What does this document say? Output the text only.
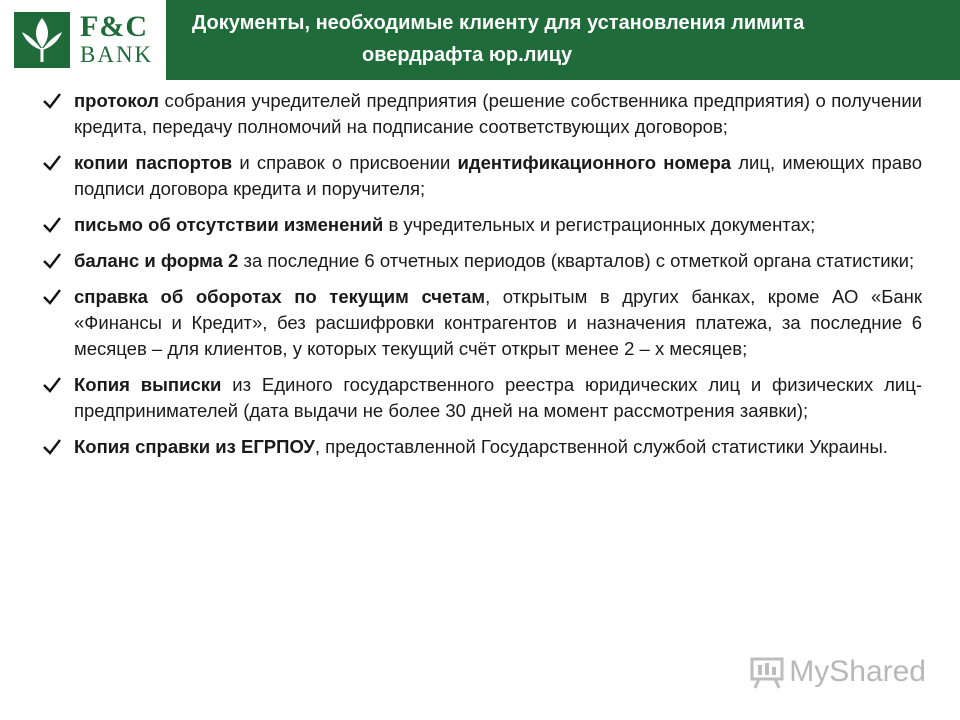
F&C
BANK
Документы, необходимые клиенту для установления лимита
овердрафта юр.лицу
протокол собрания учредителей предприятия (решение собственника предприятия) о получении кредита, передачу полномочий на подписание соответствующих договоров;
копии паспортов и справок о присвоении идентификационного номера лиц, имеющих право подписи договора кредита и поручителя;
письмо об отсутствии изменений в учредительных и регистрационных документах;
баланс и форма 2 за последние 6 отчетных периодов (кварталов) с отметкой органа статистики;
справка об оборотах по текущим счетам, открытым в других банках, кроме АО «Банк «Финансы и Кредит», без расшифровки контрагентов и назначения платежа, за последние 6 месяцев – для клиентов, у которых текущий счёт открыт менее 2 – х месяцев;
Копия выписки из Единого государственного реестра юридических лиц и физических лиц-предпринимателей (дата выдачи не более 30 дней на момент рассмотрения заявки);
Копия справки из ЕГРПОУ, предоставленной Государственной службой статистики Украины.
MyShared
